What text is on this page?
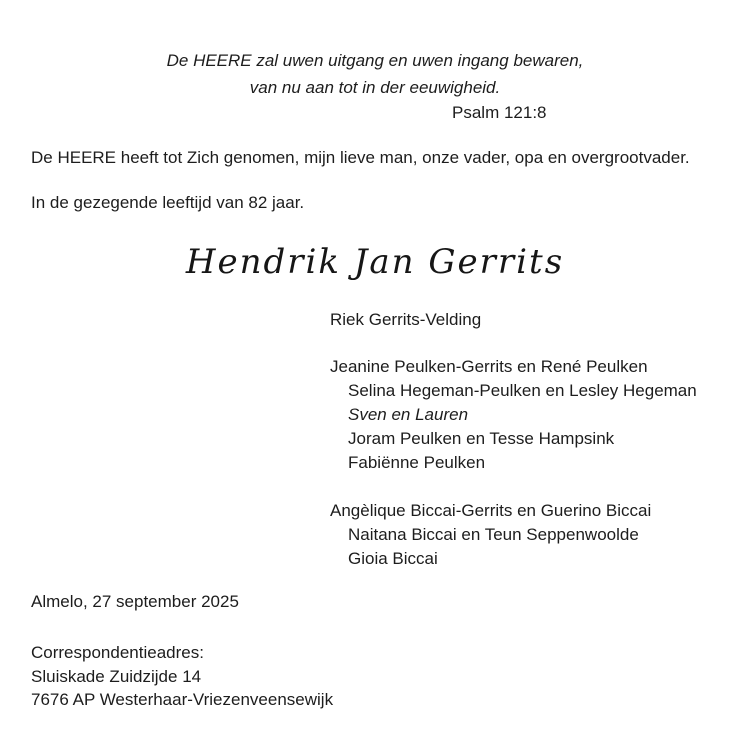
De HEERE zal uwen uitgang en uwen ingang bewaren,
van nu aan tot in der eeuwigheid.
Psalm 121:8
De HEERE heeft tot Zich genomen, mijn lieve man, onze vader, opa en overgrootvader.
In de gezegende leeftijd van 82 jaar.
Hendrik Jan Gerrits
Riek Gerrits-Velding
Jeanine Peulken-Gerrits en René Peulken
Selina Hegeman-Peulken en Lesley Hegeman
Sven en Lauren
Joram Peulken en Tesse Hampsink
Fabiënne Peulken
Angèlique Biccai-Gerrits en Guerino Biccai
Naitana Biccai en Teun Seppenwoolde
Gioia Biccai
Almelo, 27 september 2025
Correspondentieadres:
Sluiskade Zuidzijde 14
7676 AP Westerhaar-Vriezenveensewijk
